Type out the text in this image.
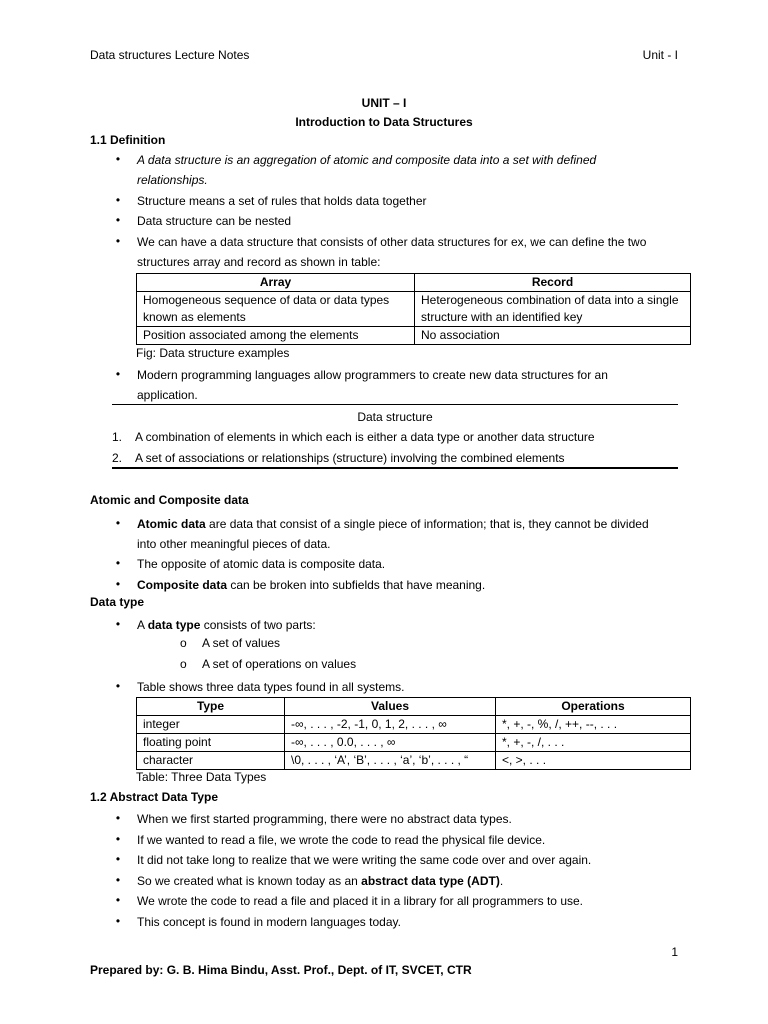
Data structures Lecture Notes	Unit - I
UNIT – I
Introduction to Data Structures
1.1 Definition
•
A data structure is an aggregation of atomic and composite data into a set with defined
relationships.
•
Structure means a set of rules that holds data together
•
Data structure can be nested
•
We can have a data structure that consists of other data structures for ex, we can define the two
structures array and record as shown in table:
Array	Record
Homogeneous sequence of data or data types known as elements	Heterogeneous combination of data into a single structure with an identified key
Position associated among the elements	No association
Fig: Data structure examples
•
Modern programming languages allow programmers to create new data structures for an
application.
Data structure
1. A combination of elements in which each is either a data type or another data structure
2. A set of associations or relationships (structure) involving the combined elements
Atomic and Composite data
•
Atomic data are data that consist of a single piece of information; that is, they cannot be divided
into other meaningful pieces of data.
•
The opposite of atomic data is composite data.
•
Composite data can be broken into subfields that have meaning.
Data type
•
A data type consists of two parts:
o A set of values
o A set of operations on values
•
Table shows three data types found in all systems.
Type	Values	Operations
integer	-∞, . . . , -2, -1, 0, 1, 2, . . . , ∞	*, +, -, %, /, ++, --, . . .
floating point	-∞, . . . , 0.0, . . . , ∞	*, +, -, /, . . .
character	\0, . . . , ‘A’, ‘B’, . . . , ‘a’, ‘b’, . . . , “	<, >, . . .
Table: Three Data Types
1.2 Abstract Data Type
•
When we first started programming, there were no abstract data types.
•
If we wanted to read a file, we wrote the code to read the physical file device.
•
It did not take long to realize that we were writing the same code over and over again.
•
So we created what is known today as an abstract data type (ADT).
•
We wrote the code to read a file and placed it in a library for all programmers to use.
•
This concept is found in modern languages today.
1
Prepared by: G. B. Hima Bindu, Asst. Prof., Dept. of IT, SVCET, CTR
